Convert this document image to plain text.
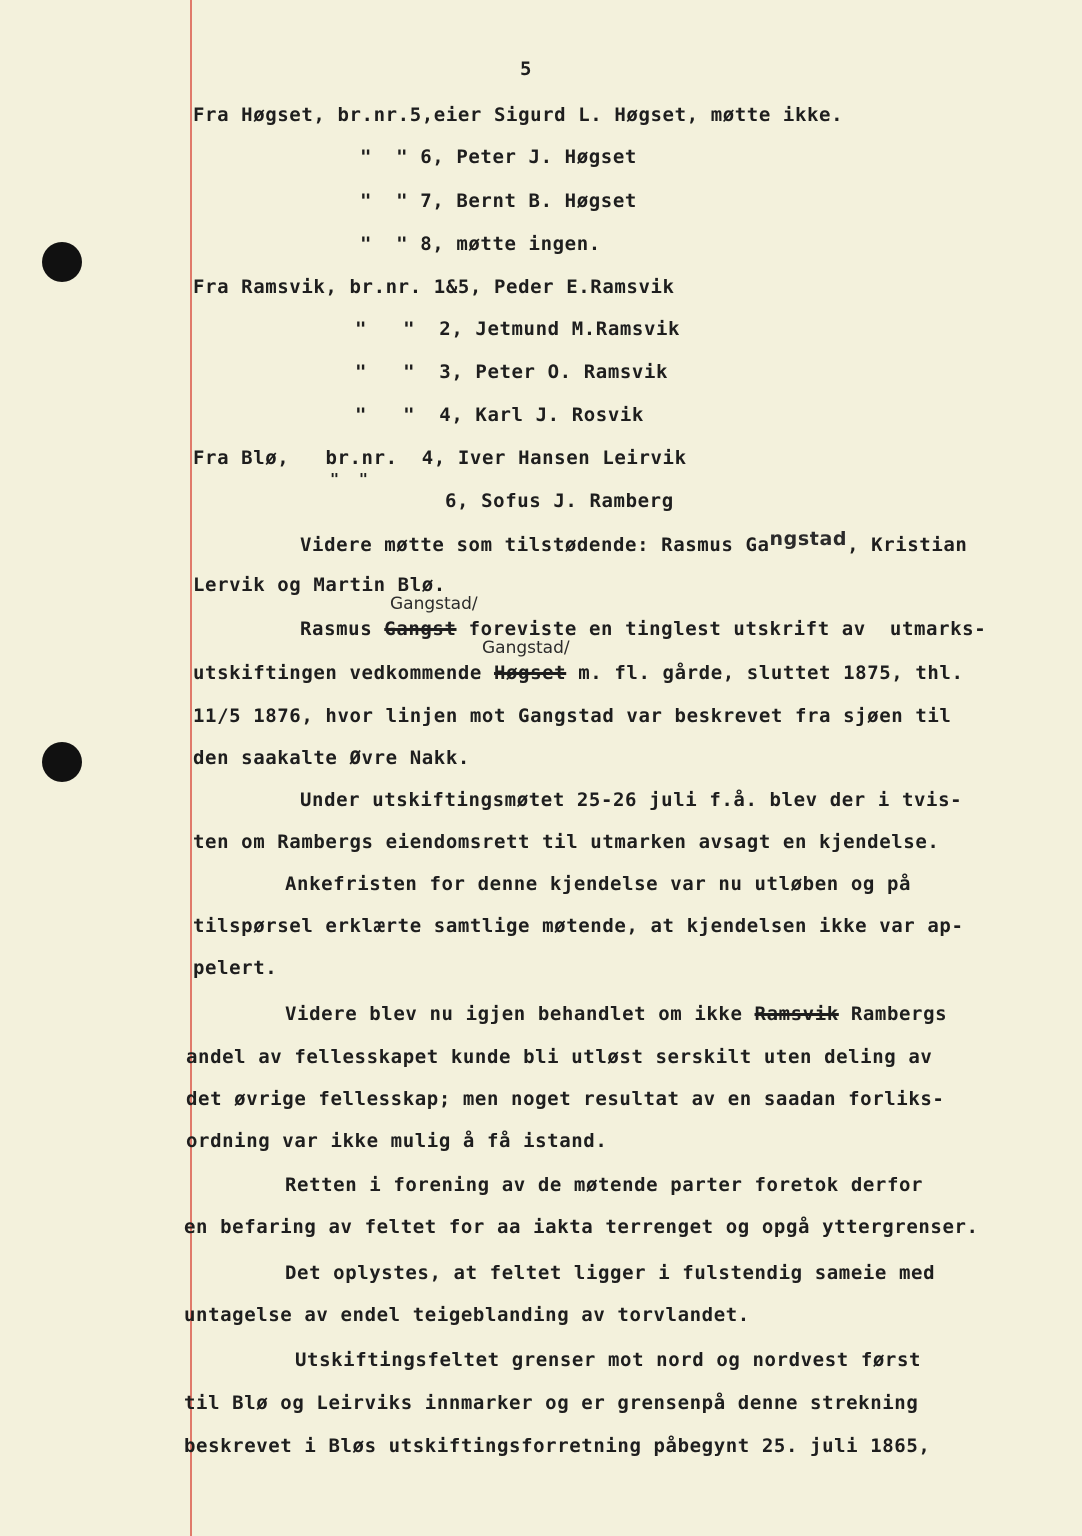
5
Fra Høgset, br.nr.5,eier Sigurd L. Høgset, møtte ikke.
"  " 6, Peter J. Høgset
"  " 7, Bernt B. Høgset
"  " 8, møtte ingen.
Fra Ramsvik, br.nr. 1&5, Peder E.Ramsvik
"   " 2, Jetmund M.Ramsvik
"   " 3, Peter O. Ramsvik
"   " 4, Karl J. Rosvik
Fra Blø, br.nr. 4, Iver Hansen Leirvik
"  "
6, Sofus J. Ramberg
Videre møtte som tilstødende: Rasmus Gangstad, Kristian
Lervik og Martin Blø.
Gangstad/
Rasmus Gangst foreviste en tinglest utskrift av  utmarks-
Gangstad/
utskiftingen vedkommende Høgset m. fl. gårde, sluttet 1875, thl.
11/5 1876, hvor linjen mot Gangstad var beskrevet fra sjøen til
den saakalte Øvre Nakk.
Under utskiftingsmøtet 25-26 juli f.å. blev der i tvis-
ten om Rambergs eiendomsrett til utmarken avsagt en kjendelse.
Ankefristen for denne kjendelse var nu utløben og på
tilspørsel erklærte samtlige møtende, at kjendelsen ikke var ap-
pelert.
Videre blev nu igjen behandlet om ikke Ramsvik Rambergs
andel av fellesskapet kunde bli utløst serskilt uten deling av
det øvrige fellesskap; men noget resultat av en saadan forliks-
ordning var ikke mulig å få istand.
Retten i forening av de møtende parter foretok derfor
en befaring av feltet for aa iakta terrenget og opgå yttergrenser.
Det oplystes, at feltet ligger i fulstendig sameie med
untagelse av endel teigeblanding av torvlandet.
Utskiftingsfeltet grenser mot nord og nordvest først
til Blø og Leirviks innmarker og er grensenpå denne strekning
beskrevet i Bløs utskiftingsforretning påbegynt 25. juli 1865,
